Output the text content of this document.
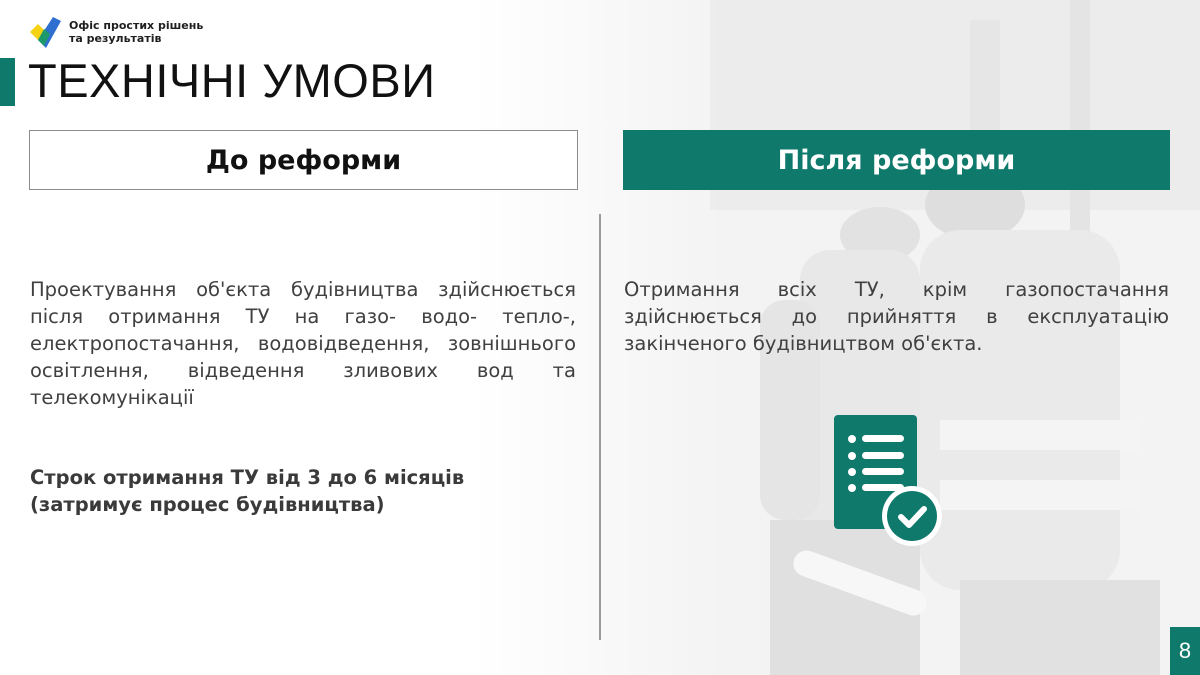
Офіс простих рішень та результатів
ТЕХНІЧНІ УМОВИ
До реформи	Після реформи

Проектування об'єкта будівництва здійснюється після отримання ТУ на газо- водо- тепло-, електропостачання, водовідведення, зовнішнього освітлення, відведення зливових вод та телекомунікації

Строк отримання ТУ від 3 до 6 місяців (затримує процес будівництва)

Отримання всіх ТУ, крім газопостачання здійснюється до прийняття в експлуатацію закінченого будівництвом об'єкта.

8
